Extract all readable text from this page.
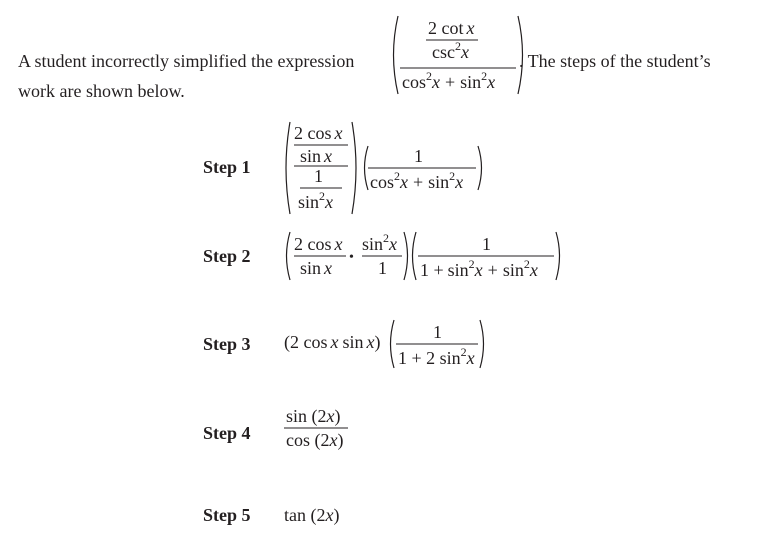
A student incorrectly simplified the expression
2 cot x
$\csc^2x$
$\cos^2x + \sin^2x$
. The steps of the student’s
work are shown below.
Step 1
Step 2
Step 3
Step 4
Step 5
2 cos x
sin x
1
$\sin^2x$
1
$\cos^2x + \sin^2x$
2 cos x
sin x
•
$\sin^2x$
1
1
$1 + \sin^2x + \sin^2x$
(2 cos x sin x)	1
1 + 2 $\sin^2x$
sin (2x)
cos (2x)
tan (2x)
